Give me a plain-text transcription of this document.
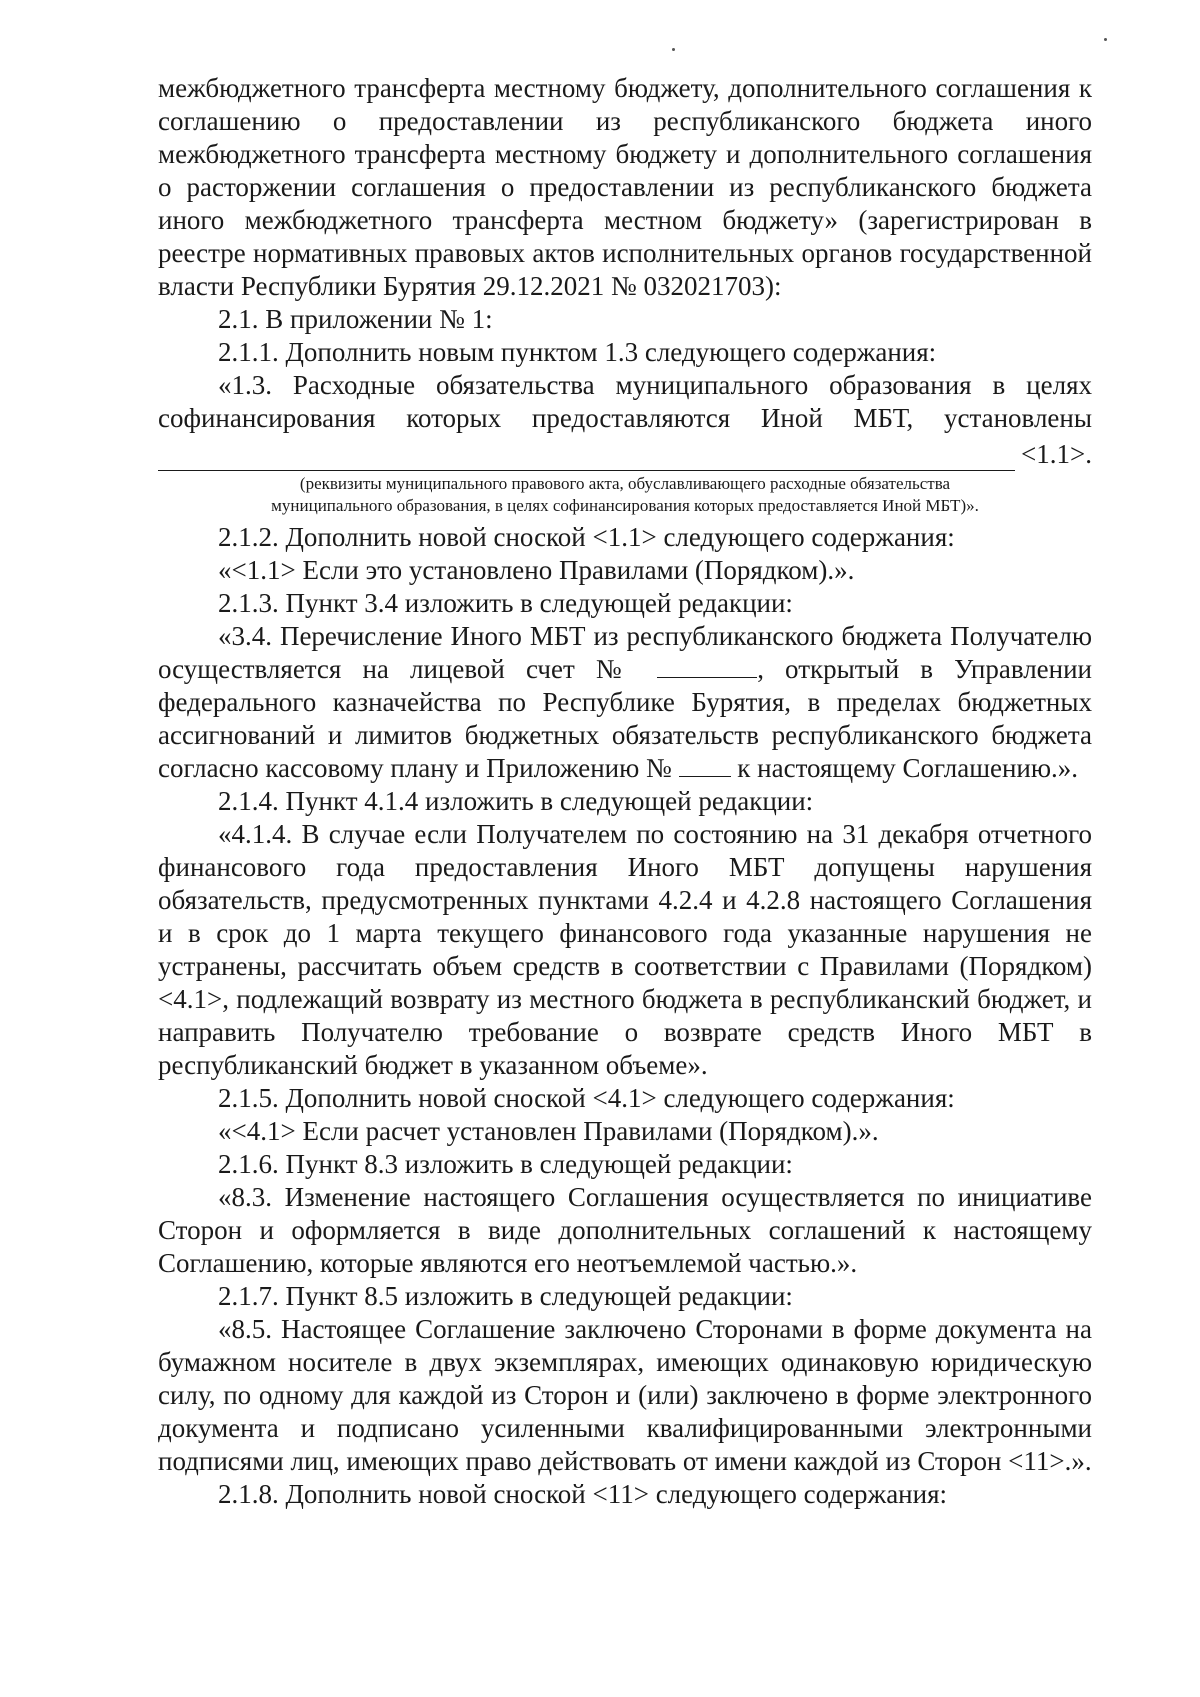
межбюджетного трансферта местному бюджету, дополнительного соглашения к соглашению о предоставлении из республиканского бюджета иного межбюджетного трансферта местному бюджету и дополнительного соглашения о расторжении соглашения о предоставлении из республиканского бюджета иного межбюджетного трансферта местном бюджету» (зарегистрирован в реестре нормативных правовых актов исполнительных органов государственной власти Республики Бурятия 29.12.2021 № 032021703):

2.1. В приложении № 1:

2.1.1. Дополнить новым пунктом 1.3 следующего содержания:

«1.3. Расходные обязательства муниципального образования в целях софинансирования которых предоставляются Иной МБТ, установлены

<1.1>.
(реквизиты муниципального правового акта, обуславливающего расходные обязательства
муниципального образования, в целях софинансирования которых предоставляется Иной МБТ)».

2.1.2. Дополнить новой сноской <1.1> следующего содержания:

«<1.1> Если это установлено Правилами (Порядком).».

2.1.3. Пункт 3.4 изложить в следующей редакции:

«3.4. Перечисление Иного МБТ из республиканского бюджета Получателю осуществляется на лицевой счет №	, открытый в Управлении федерального казначейства по Республике Бурятия, в пределах бюджетных ассигнований и лимитов бюджетных обязательств республиканского бюджета согласно кассовому плану и Приложению № к настоящему Соглашению.».

2.1.4. Пункт 4.1.4 изложить в следующей редакции:

«4.1.4. В случае если Получателем по состоянию на 31 декабря отчетного финансового года предоставления Иного МБТ допущены нарушения обязательств, предусмотренных пунктами 4.2.4 и 4.2.8 настоящего Соглашения и в срок до 1 марта текущего финансового года указанные нарушения не устранены, рассчитать объем средств в соответствии с Правилами (Порядком) <4.1>, подлежащий возврату из местного бюджета в республиканский бюджет, и направить Получателю требование о возврате средств Иного МБТ в республиканский бюджет в указанном объеме».

2.1.5. Дополнить новой сноской <4.1> следующего содержания:

«<4.1> Если расчет установлен Правилами (Порядком).».

2.1.6. Пункт 8.3 изложить в следующей редакции:

«8.3. Изменение настоящего Соглашения осуществляется по инициативе Сторон и оформляется в виде дополнительных соглашений к настоящему Соглашению, которые являются его неотъемлемой частью.».

2.1.7. Пункт 8.5 изложить в следующей редакции:

«8.5. Настоящее Соглашение заключено Сторонами в форме документа на бумажном носителе в двух экземплярах, имеющих одинаковую юридическую силу, по одному для каждой из Сторон и (или) заключено в форме электронного документа и подписано усиленными квалифицированными электронными подписями лиц, имеющих право действовать от имени каждой из Сторон <11>.».

2.1.8. Дополнить новой сноской <11> следующего содержания:
